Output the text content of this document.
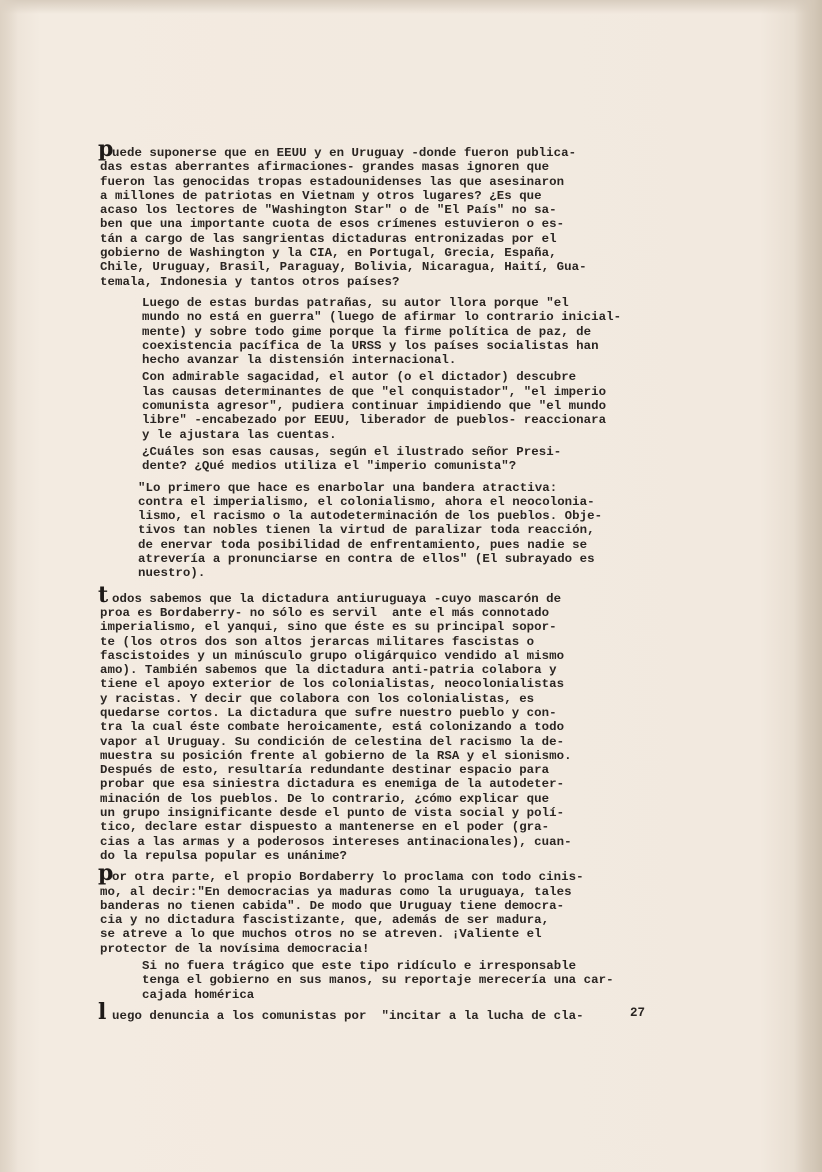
puede suponerse que en EEUU y en Uruguay -donde fueron publica-
das estas aberrantes afirmaciones- grandes masas ignoren que
fueron las genocidas tropas estadounidenses las que asesinaron
a millones de patriotas en Vietnam y otros lugares? ¿Es que
acaso los lectores de "Washington Star" o de "El País" no sa-
ben que una importante cuota de esos crímenes estuvieron o es-
tán a cargo de las sangrientas dictaduras entronizadas por el
gobierno de Washington y la CIA, en Portugal, Grecia, España,
Chile, Uruguay, Brasil, Paraguay, Bolivia, Nicaragua, Haití, Gua-
temala, Indonesia y tantos otros países?
Luego de estas burdas patrañas, su autor llora porque "el
mundo no está en guerra" (luego de afirmar lo contrario inicial-
mente) y sobre todo gime porque la firme política de paz, de
coexistencia pacífica de la URSS y los países socialistas han
hecho avanzar la distensión internacional.
Con admirable sagacidad, el autor (o el dictador) descubre
las causas determinantes de que "el conquistador", "el imperio
comunista agresor", pudiera continuar impidiendo que "el mundo
libre" -encabezado por EEUU, liberador de pueblos- reaccionara
y le ajustara las cuentas.
¿Cuáles son esas causas, según el ilustrado señor Presi-
dente? ¿Qué medios utiliza el "imperio comunista"?
"Lo primero que hace es enarbolar una bandera atractiva:
contra el imperialismo, el colonialismo, ahora el neocolonia-
lismo, el racismo o la autodeterminación de los pueblos. Obje-
tivos tan nobles tienen la virtud de paralizar toda reacción,
de enervar toda posibilidad de enfrentamiento, pues nadie se
atrevería a pronunciarse en contra de ellos" (El subrayado es
nuestro).
todos sabemos que la dictadura antiuruguaya -cuyo mascarón de
proa es Bordaberry- no sólo es servil  ante el más connotado
imperialismo, el yanqui, sino que éste es su principal sopor-
te (los otros dos son altos jerarcas militares fascistas o
fascistoides y un minúsculo grupo oligárquico vendido al mismo
amo). También sabemos que la dictadura anti-patria colabora y
tiene el apoyo exterior de los colonialistas, neocolonialistas
y racistas. Y decir que colabora con los colonialistas, es
quedarse cortos. La dictadura que sufre nuestro pueblo y con-
tra la cual éste combate heroicamente, está colonizando a todo
vapor al Uruguay. Su condición de celestina del racismo la de-
muestra su posición frente al gobierno de la RSA y el sionismo.
Después de esto, resultaría redundante destinar espacio para
probar que esa siniestra dictadura es enemiga de la autodeter-
minación de los pueblos. De lo contrario, ¿cómo explicar que
un grupo insignificante desde el punto de vista social y polí-
tico, declare estar dispuesto a mantenerse en el poder (gra-
cias a las armas y a poderosos intereses antinacionales), cuan-
do la repulsa popular es unánime?
por otra parte, el propio Bordaberry lo proclama con todo cinis-
mo, al decir:"En democracias ya maduras como la uruguaya, tales
banderas no tienen cabida". De modo que Uruguay tiene democra-
cia y no dictadura fascistizante, que, además de ser madura,
se atreve a lo que muchos otros no se atreven. ¡Valiente el
protector de la novísima democracia!
Si no fuera trágico que este tipo ridículo e irresponsable
tenga el gobierno en sus manos, su reportaje merecería una car-
cajada homérica
luego denuncia a los comunistas por  "incitar a la lucha de cla-	27
